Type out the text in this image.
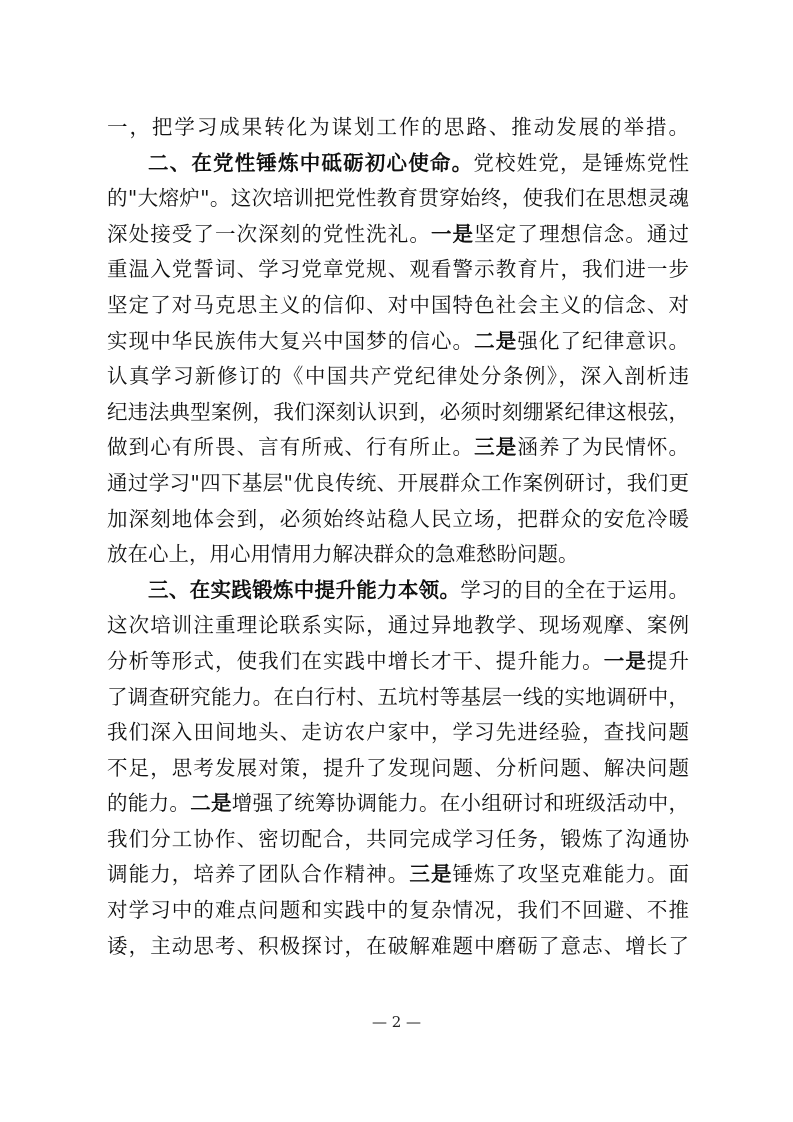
一，把学习成果转化为谋划工作的思路、推动发展的举措。
二、在党性锤炼中砥砺初心使命。党校姓党，是锤炼党性
的"大熔炉"。这次培训把党性教育贯穿始终，使我们在思想灵魂
深处接受了一次深刻的党性洗礼。一是坚定了理想信念。通过
重温入党誓词、学习党章党规、观看警示教育片，我们进一步
坚定了对马克思主义的信仰、对中国特色社会主义的信念、对
实现中华民族伟大复兴中国梦的信心。二是强化了纪律意识。
认真学习新修订的《中国共产党纪律处分条例》，深入剖析违
纪违法典型案例，我们深刻认识到，必须时刻绷紧纪律这根弦，
做到心有所畏、言有所戒、行有所止。三是涵养了为民情怀。
通过学习"四下基层"优良传统、开展群众工作案例研讨，我们更
加深刻地体会到，必须始终站稳人民立场，把群众的安危冷暖
放在心上，用心用情用力解决群众的急难愁盼问题。
三、在实践锻炼中提升能力本领。学习的目的全在于运用。
这次培训注重理论联系实际，通过异地教学、现场观摩、案例
分析等形式，使我们在实践中增长才干、提升能力。一是提升
了调查研究能力。在白行村、五坑村等基层一线的实地调研中，
我们深入田间地头、走访农户家中，学习先进经验，查找问题
不足，思考发展对策，提升了发现问题、分析问题、解决问题
的能力。二是增强了统筹协调能力。在小组研讨和班级活动中，
我们分工协作、密切配合，共同完成学习任务，锻炼了沟通协
调能力，培养了团队合作精神。三是锤炼了攻坚克难能力。面
对学习中的难点问题和实践中的复杂情况，我们不回避、不推
诿，主动思考、积极探讨，在破解难题中磨砺了意志、增长了
— 2 —
